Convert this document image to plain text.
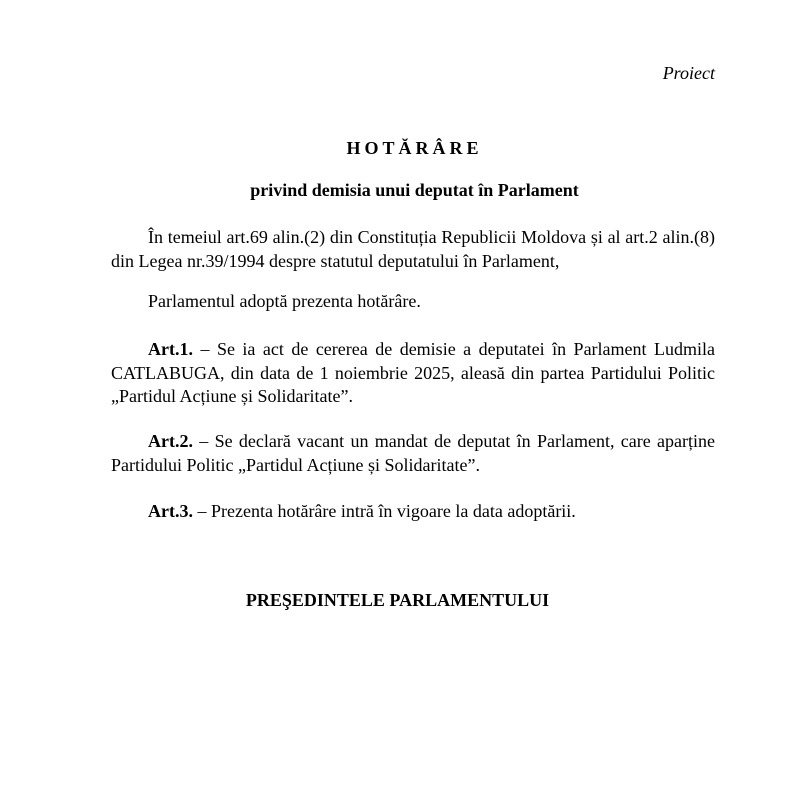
Proiect
HOTĂRÂRE
privind demisia unui deputat în Parlament
În temeiul art.69 alin.(2) din Constituția Republicii Moldova și al art.2 alin.(8) din Legea nr.39/1994 despre statutul deputatului în Parlament,
Parlamentul adoptă prezenta hotărâre.
Art.1. – Se ia act de cererea de demisie a deputatei în Parlament Ludmila CATLABUGA, din data de 1 noiembrie 2025, aleasă din partea Partidului Politic „Partidul Acțiune și Solidaritate”.
Art.2. – Se declară vacant un mandat de deputat în Parlament, care aparține Partidului Politic „Partidul Acțiune și Solidaritate”.
Art.3. – Prezenta hotărâre intră în vigoare la data adoptării.
PREŞEDINTELE PARLAMENTULUI
